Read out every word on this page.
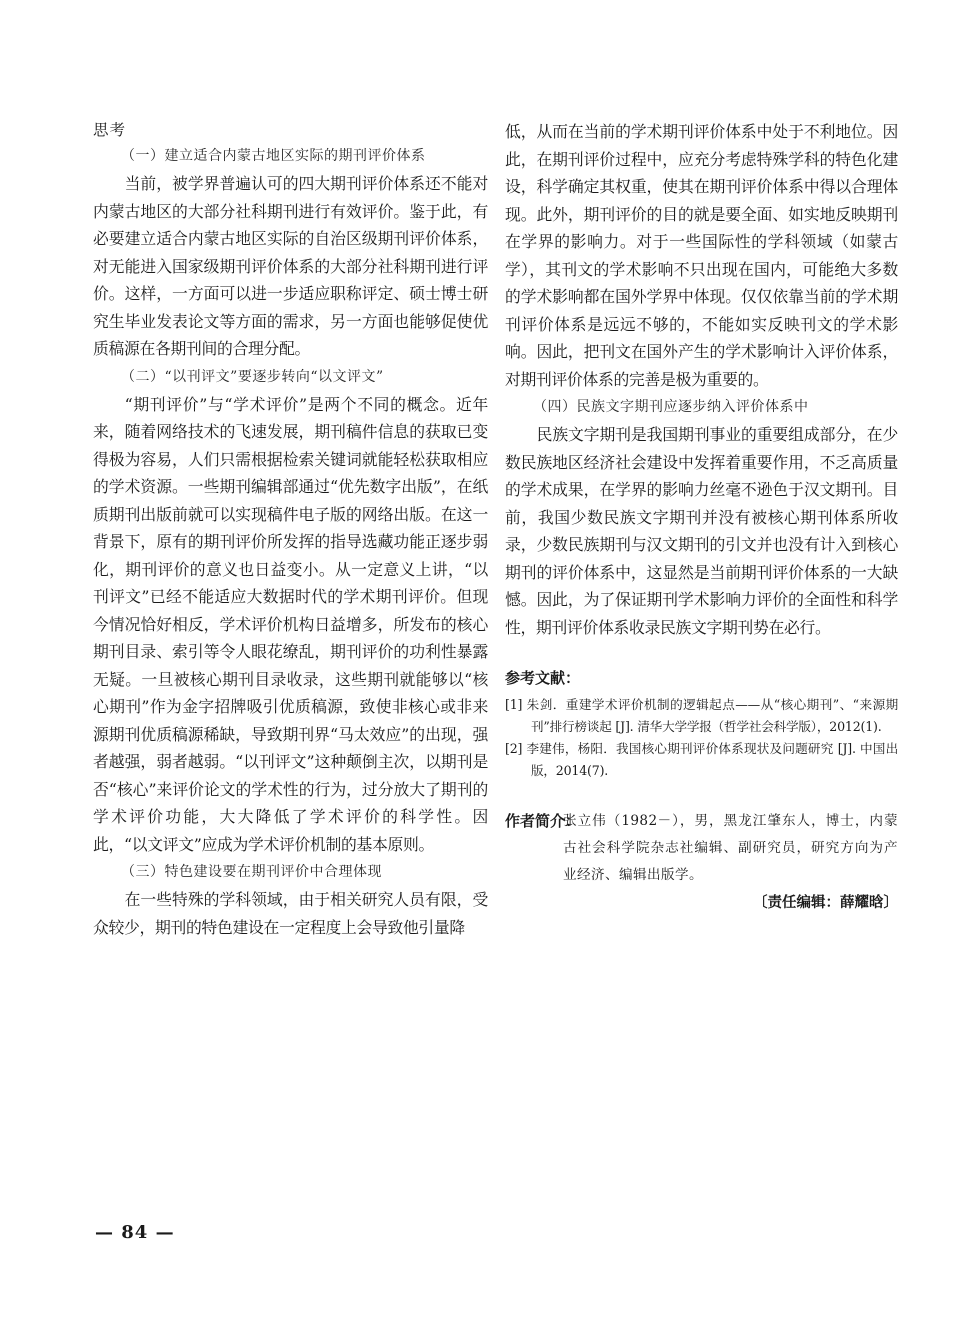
思考

（一）建立适合内蒙古地区实际的期刊评价体系

当前，被学界普遍认可的四大期刊评价体系还不能对内蒙古地区的大部分社科期刊进行有效评价。鉴于此，有必要建立适合内蒙古地区实际的自治区级期刊评价体系，对无能进入国家级期刊评价体系的大部分社科期刊进行评价。这样，一方面可以进一步适应职称评定、硕士博士研究生毕业发表论文等方面的需求，另一方面也能够促使优质稿源在各期刊间的合理分配。

（二）“以刊评文”要逐步转向“以文评文”

“期刊评价”与“学术评价”是两个不同的概念。近年来，随着网络技术的飞速发展，期刊稿件信息的获取已变得极为容易，人们只需根据检索关键词就能轻松获取相应的学术资源。一些期刊编辑部通过“优先数字出版”，在纸质期刊出版前就可以实现稿件电子版的网络出版。在这一背景下，原有的期刊评价所发挥的指导选藏功能正逐步弱化，期刊评价的意义也日益变小。从一定意义上讲，“以刊评文”已经不能适应大数据时代的学术期刊评价。但现今情况恰好相反，学术评价机构日益增多，所发布的核心期刊目录、索引等令人眼花缭乱，期刊评价的功利性暴露无疑。一旦被核心期刊目录收录，这些期刊就能够以“核心期刊”作为金字招牌吸引优质稿源，致使非核心或非来源期刊优质稿源稀缺，导致期刊界“马太效应”的出现，强者越强，弱者越弱。“以刊评文”这种颠倒主次，以期刊是否“核心”来评价论文的学术性的行为，过分放大了期刊的学术评价功能，大大降低了学术评价的科学性。因此，“以文评文”应成为学术评价机制的基本原则。

（三）特色建设要在期刊评价中合理体现

在一些特殊的学科领域，由于相关研究人员有限，受众较少，期刊的特色建设在一定程度上会导致他引量降

低，从而在当前的学术期刊评价体系中处于不利地位。因此，在期刊评价过程中，应充分考虑特殊学科的特色化建设，科学确定其权重，使其在期刊评价体系中得以合理体现。此外，期刊评价的目的就是要全面、如实地反映期刊在学界的影响力。对于一些国际性的学科领域（如蒙古学），其刊文的学术影响不只出现在国内，可能绝大多数的学术影响都在国外学界中体现。仅仅依靠当前的学术期刊评价体系是远远不够的，不能如实反映刊文的学术影响。因此，把刊文在国外产生的学术影响计入评价体系，对期刊评价体系的完善是极为重要的。

（四）民族文字期刊应逐步纳入评价体系中

民族文字期刊是我国期刊事业的重要组成部分，在少数民族地区经济社会建设中发挥着重要作用，不乏高质量的学术成果，在学界的影响力丝毫不逊色于汉文期刊。目前，我国少数民族文字期刊并没有被核心期刊体系所收录，少数民族期刊与汉文期刊的引文并也没有计入到核心期刊的评价体系中，这显然是当前期刊评价体系的一大缺憾。因此，为了保证期刊学术影响力评价的全面性和科学性，期刊评价体系收录民族文字期刊势在必行。

参考文献：

[1] 朱剑．重建学术评价机制的逻辑起点——从“核心期刊”、“来源期刊”排行榜谈起 [J]. 清华大学学报（哲学社会科学版），2012(1).

[2] 李建伟，杨阳．我国核心期刊评价体系现状及问题研究 [J]. 中国出版，2014(7).

作者简介：
张立伟（1982－），男，黑龙江肇东人，博士，内蒙古社会科学院杂志社编辑、副研究员，研究方向为产业经济、编辑出版学。
〔责任编辑：薛耀晗〕
— 84 —
